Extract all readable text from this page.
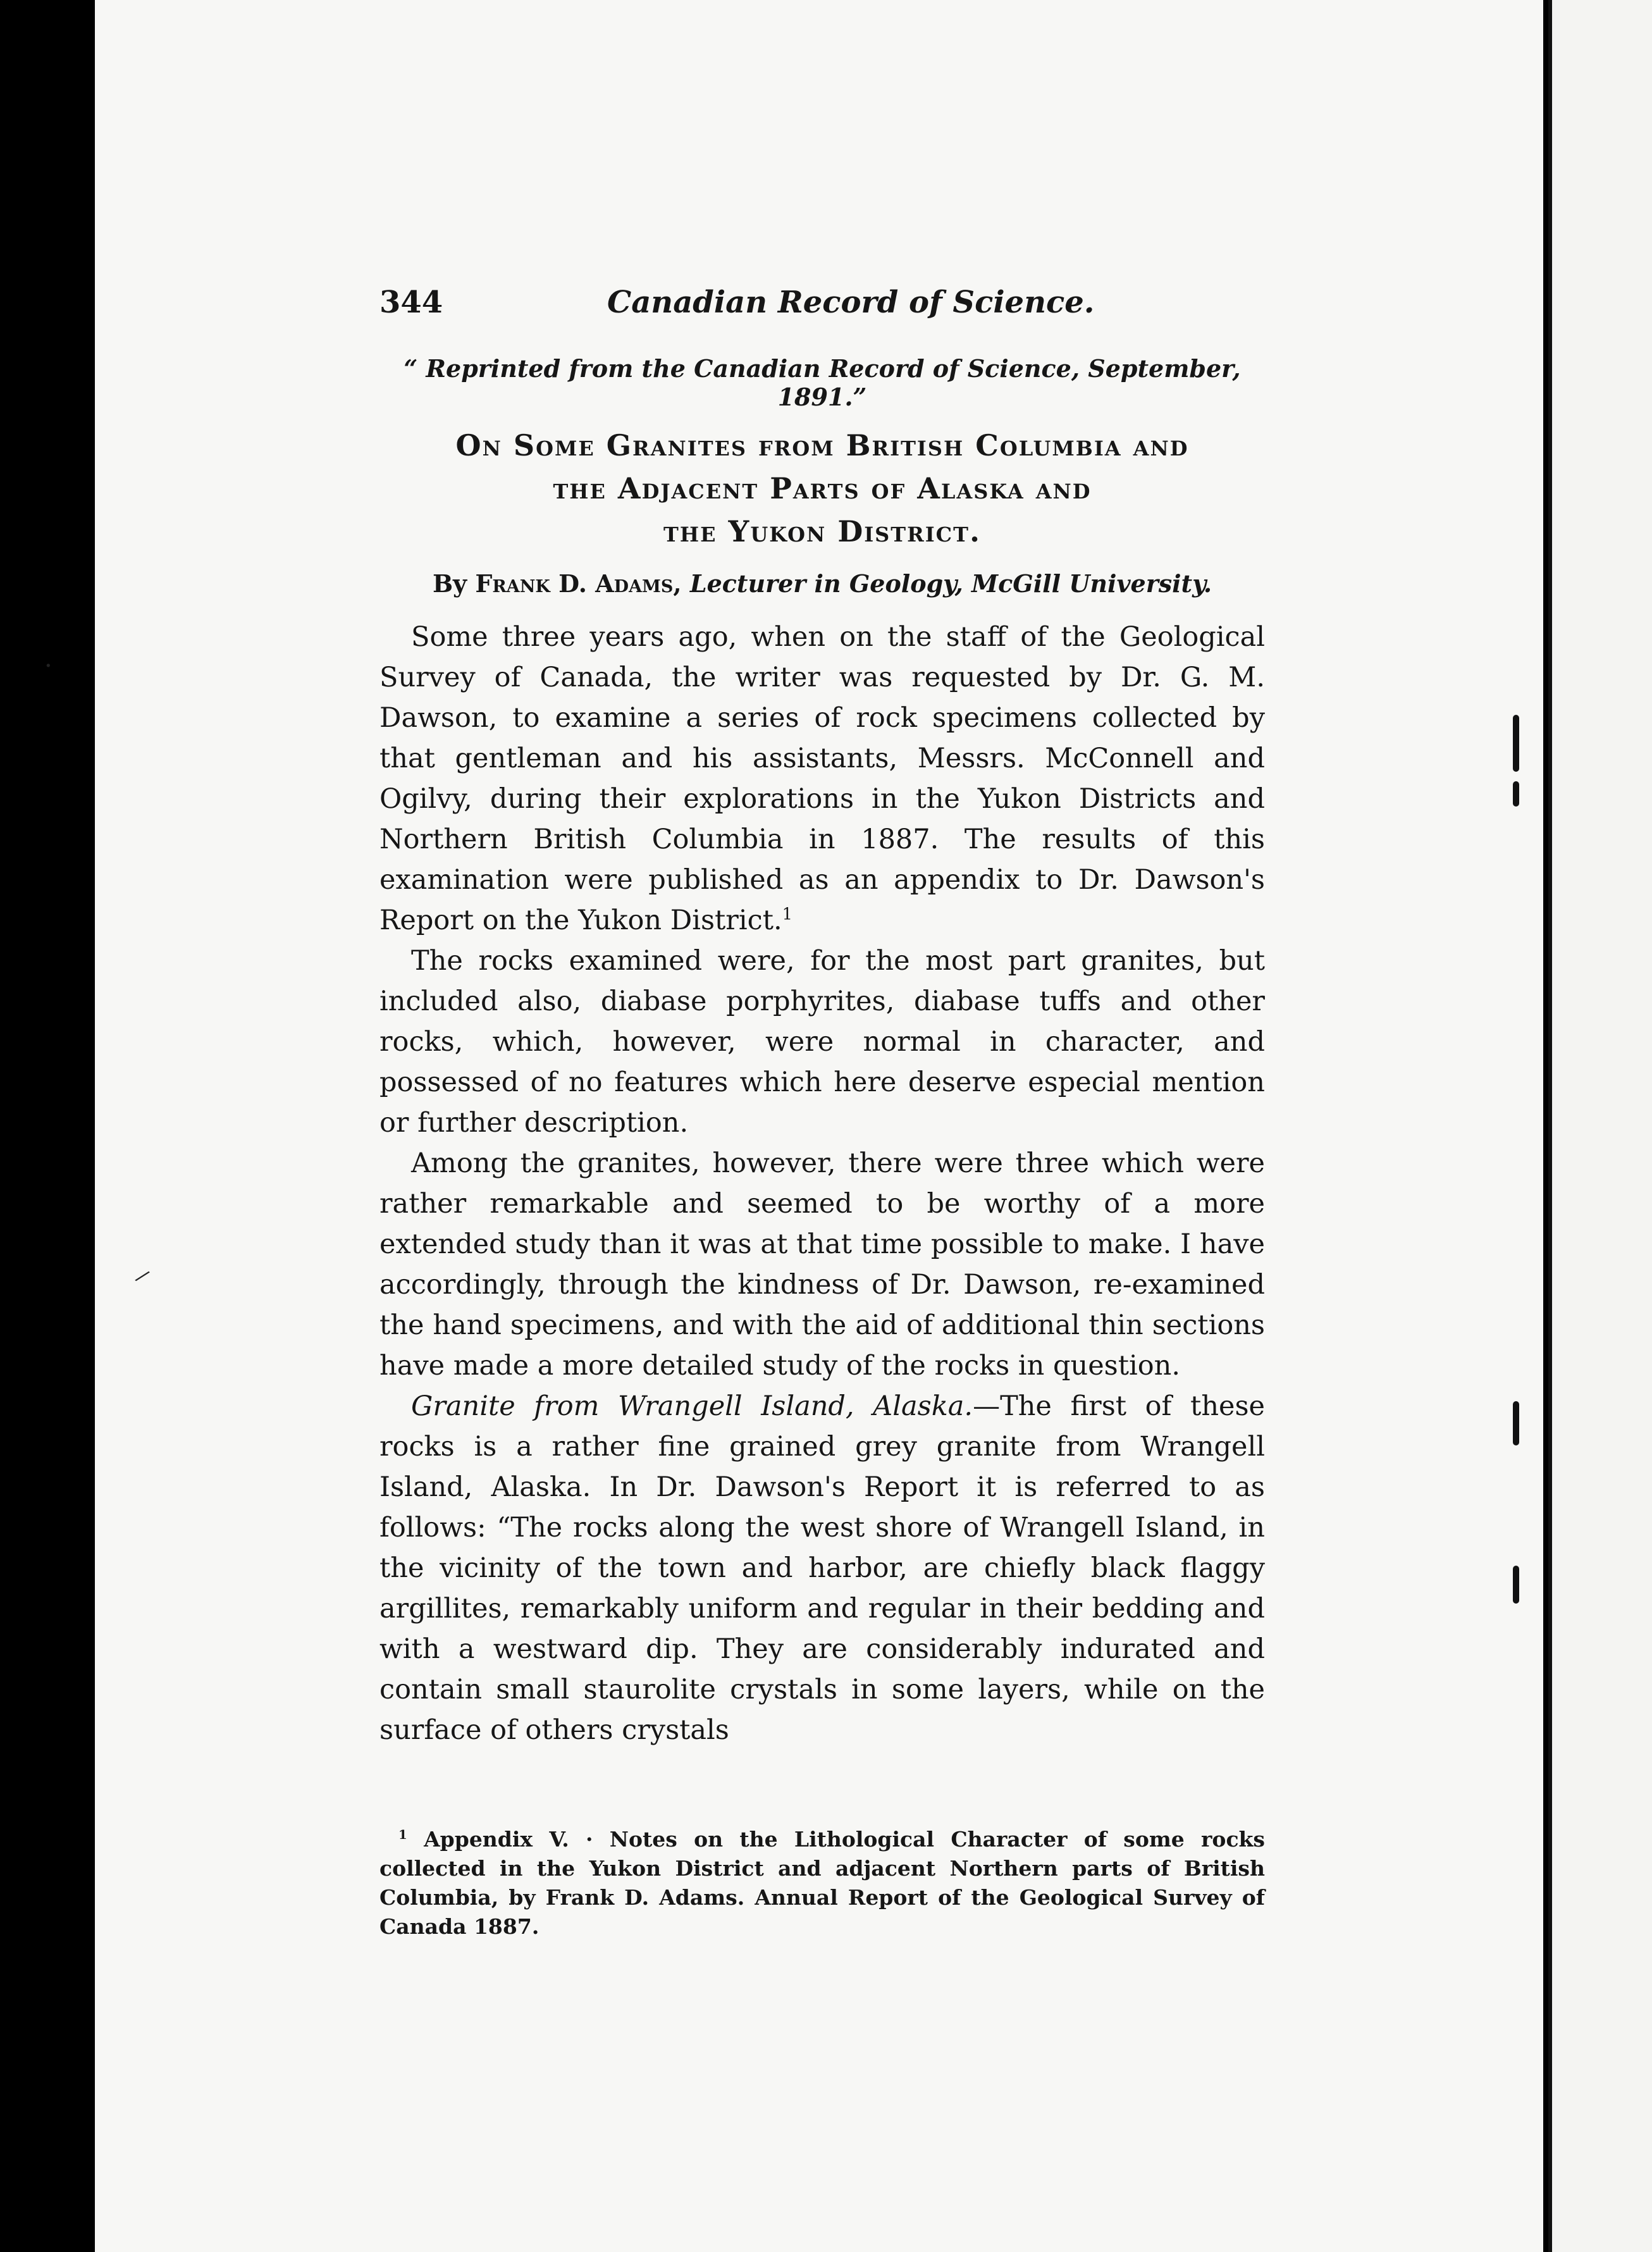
·
/
344	Canadian Record of Science.
“ Reprinted from the Canadian Record of Science, September, 1891.”
On Some Granites from British Columbia and
the Adjacent Parts of Alaska and
the Yukon District.
By Frank D. Adams, Lecturer in Geology, McGill University.

Some three years ago, when on the staff of the Geological Survey of Canada, the writer was requested by Dr. G. M. Dawson, to examine a series of rock specimens collected by that gentleman and his assistants, Messrs. McConnell and Ogilvy, during their explorations in the Yukon Districts and Northern British Columbia in 1887. The results of this examination were published as an appendix to Dr. Dawson's Report on the Yukon District.$^1$

The rocks examined were, for the most part granites, but included also, diabase porphyrites, diabase tuffs and other rocks, which, however, were normal in character, and possessed of no features which here deserve especial mention or further description.

Among the granites, however, there were three which were rather remarkable and seemed to be worthy of a more extended study than it was at that time possible to make. I have accordingly, through the kindness of Dr. Dawson, re-examined the hand specimens, and with the aid of additional thin sections have made a more detailed study of the rocks in question.

Granite from Wrangell Island, Alaska.—The first of these rocks is a rather fine grained grey granite from Wrangell Island, Alaska. In Dr. Dawson's Report it is referred to as follows: “The rocks along the west shore of Wrangell Island, in the vicinity of the town and harbor, are chiefly black flaggy argillites, remarkably uniform and regular in their bedding and with a westward dip. They are considerably indurated and contain small staurolite crystals in some layers, while on the surface of others crystals

$^1$ Appendix V. · Notes on the Lithological Character of some rocks collected in the Yukon District and adjacent Northern parts of British Columbia, by Frank D. Adams. Annual Report of the Geological Survey of Canada 1887.
